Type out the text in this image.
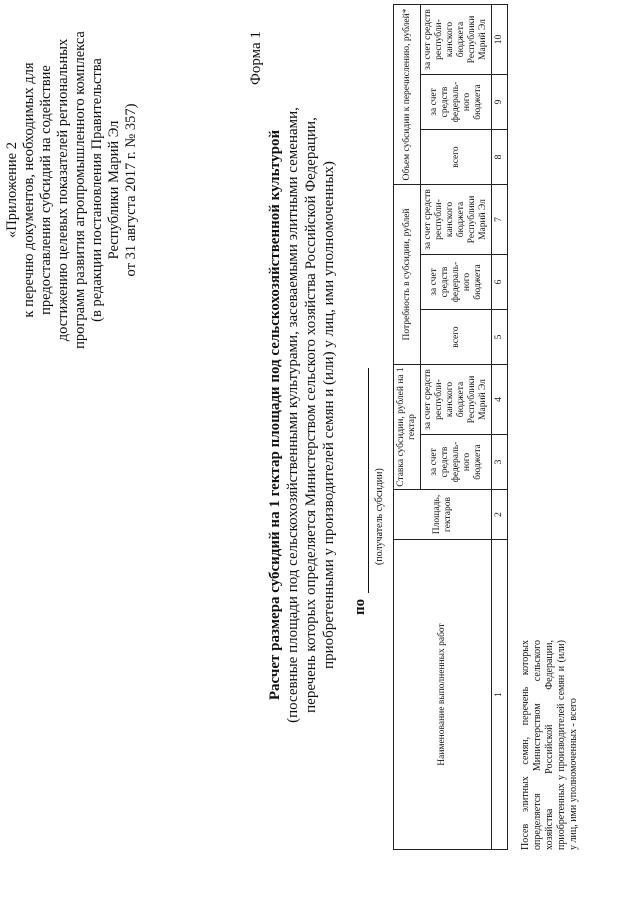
«Приложение 2 к перечню документов, необходимых для предоставления субсидий на содействие достижению целевых показателей региональных программ развития агропромышленного комплекса (в редакции постановления Правительства Республики Марий Эл от 31 августа 2017 г. № 357)
Форма 1
Расчет размера субсидий на 1 гектар площади под сельскохозяйственной культурой (посевные площади под сельскохозяйственными культурами, засеваемыми элитными семенами, перечень которых определяется Министерством сельского хозяйства Российской Федерации, приобретенными у производителей семян и (или) у лиц, ими уполномоченных) по
(получатель субсидии)
Наименование выполненных работ	Площадь, гектаров	Ставка субсидии, рублей на 1 гектар		Потребность в субсидии, рублей			Объем субсидии к перечислению, рублей*		
		за счет средств федераль-ного бюджета	за счет средств республи-канского бюджета Республики Марий Эл	всего	за счет средств федераль-ного бюджета	за счет средств республи-канского бюджета Республики Марий Эл	всего	за счет средств федераль-ного бюджета	за счет средств республи-канского бюджета Республики Марий Эл
1	2	3	4	5	6	7	8	9	10
Посев элитных семян, перечень которых определяется Министерством сельского хозяйства Российской Федерации, приобретенных у производителей семян и (или) у лиц, ими уполномоченных - всего
